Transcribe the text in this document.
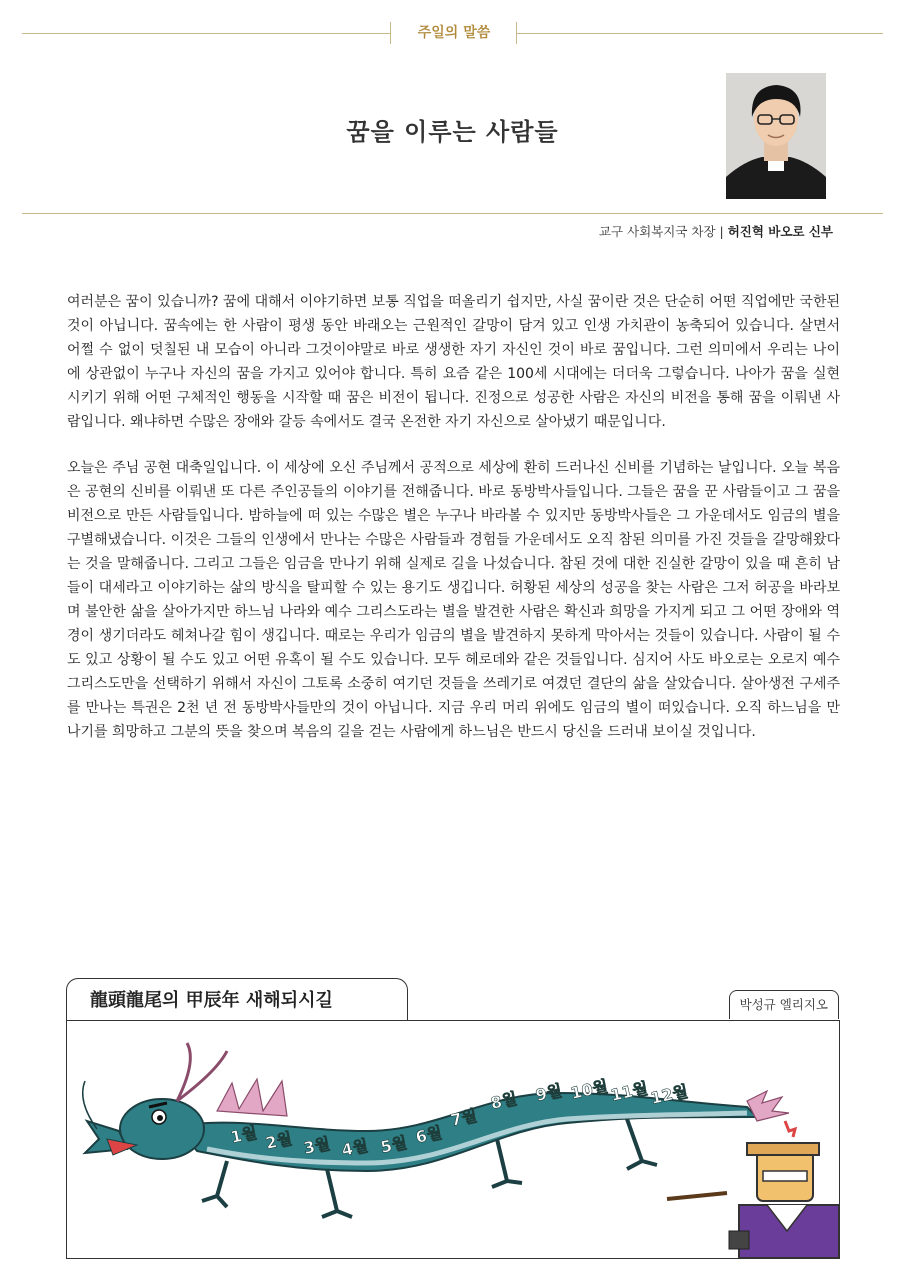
주일의 말씀
꿈을 이루는 사람들
교구 사회복지국 차장 | 허진혁 바오로 신부

여러분은 꿈이 있습니까? 꿈에 대해서 이야기하면 보통 직업을 떠올리기 쉽지만, 사실 꿈이란 것은 단순히 어떤 직업에만 국한된 것이 아닙니다. 꿈속에는 한 사람이 평생 동안 바래오는 근원적인 갈망이 담겨 있고 인생 가치관이 농축되어 있습니다. 살면서 어쩔 수 없이 덧칠된 내 모습이 아니라 그것이야말로 바로 생생한 자기 자신인 것이 바로 꿈입니다. 그런 의미에서 우리는 나이에 상관없이 누구나 자신의 꿈을 가지고 있어야 합니다. 특히 요즘 같은 100세 시대에는 더더욱 그렇습니다. 나아가 꿈을 실현시키기 위해 어떤 구체적인 행동을 시작할 때 꿈은 비전이 됩니다. 진정으로 성공한 사람은 자신의 비전을 통해 꿈을 이뤄낸 사람입니다. 왜냐하면 수많은 장애와 갈등 속에서도 결국 온전한 자기 자신으로 살아냈기 때문입니다.

오늘은 주님 공현 대축일입니다. 이 세상에 오신 주님께서 공적으로 세상에 환히 드러나신 신비를 기념하는 날입니다. 오늘 복음은 공현의 신비를 이뤄낸 또 다른 주인공들의 이야기를 전해줍니다. 바로 동방박사들입니다. 그들은 꿈을 꾼 사람들이고 그 꿈을 비전으로 만든 사람들입니다. 밤하늘에 떠 있는 수많은 별은 누구나 바라볼 수 있지만 동방박사들은 그 가운데서도 임금의 별을 구별해냈습니다. 이것은 그들의 인생에서 만나는 수많은 사람들과 경험들 가운데서도 오직 참된 의미를 가진 것들을 갈망해왔다는 것을 말해줍니다. 그리고 그들은 임금을 만나기 위해 실제로 길을 나섰습니다. 참된 것에 대한 진실한 갈망이 있을 때 흔히 남들이 대세라고 이야기하는 삶의 방식을 탈피할 수 있는 용기도 생깁니다. 허황된 세상의 성공을 찾는 사람은 그저 허공을 바라보며 불안한 삶을 살아가지만 하느님 나라와 예수 그리스도라는 별을 발견한 사람은 확신과 희망을 가지게 되고 그 어떤 장애와 역경이 생기더라도 헤쳐나갈 힘이 생깁니다. 때로는 우리가 임금의 별을 발견하지 못하게 막아서는 것들이 있습니다. 사람이 될 수도 있고 상황이 될 수도 있고 어떤 유혹이 될 수도 있습니다. 모두 헤로데와 같은 것들입니다. 심지어 사도 바오로는 오로지 예수 그리스도만을 선택하기 위해서 자신이 그토록 소중히 여기던 것들을 쓰레기로 여겼던 결단의 삶을 살았습니다. 살아생전 구세주를 만나는 특권은 2천 년 전 동방박사들만의 것이 아닙니다. 지금 우리 머리 위에도 임금의 별이 떠있습니다. 오직 하느님을 만나기를 희망하고 그분의 뜻을 찾으며 복음의 길을 걷는 사람에게 하느님은 반드시 당신을 드러내 보이실 것입니다.

龍頭龍尾의 甲辰年 새해되시길	박성규 엘리지오
1월 2월 3월 4월 5월 6월
7월
8월 9월 10월 11월 12월
